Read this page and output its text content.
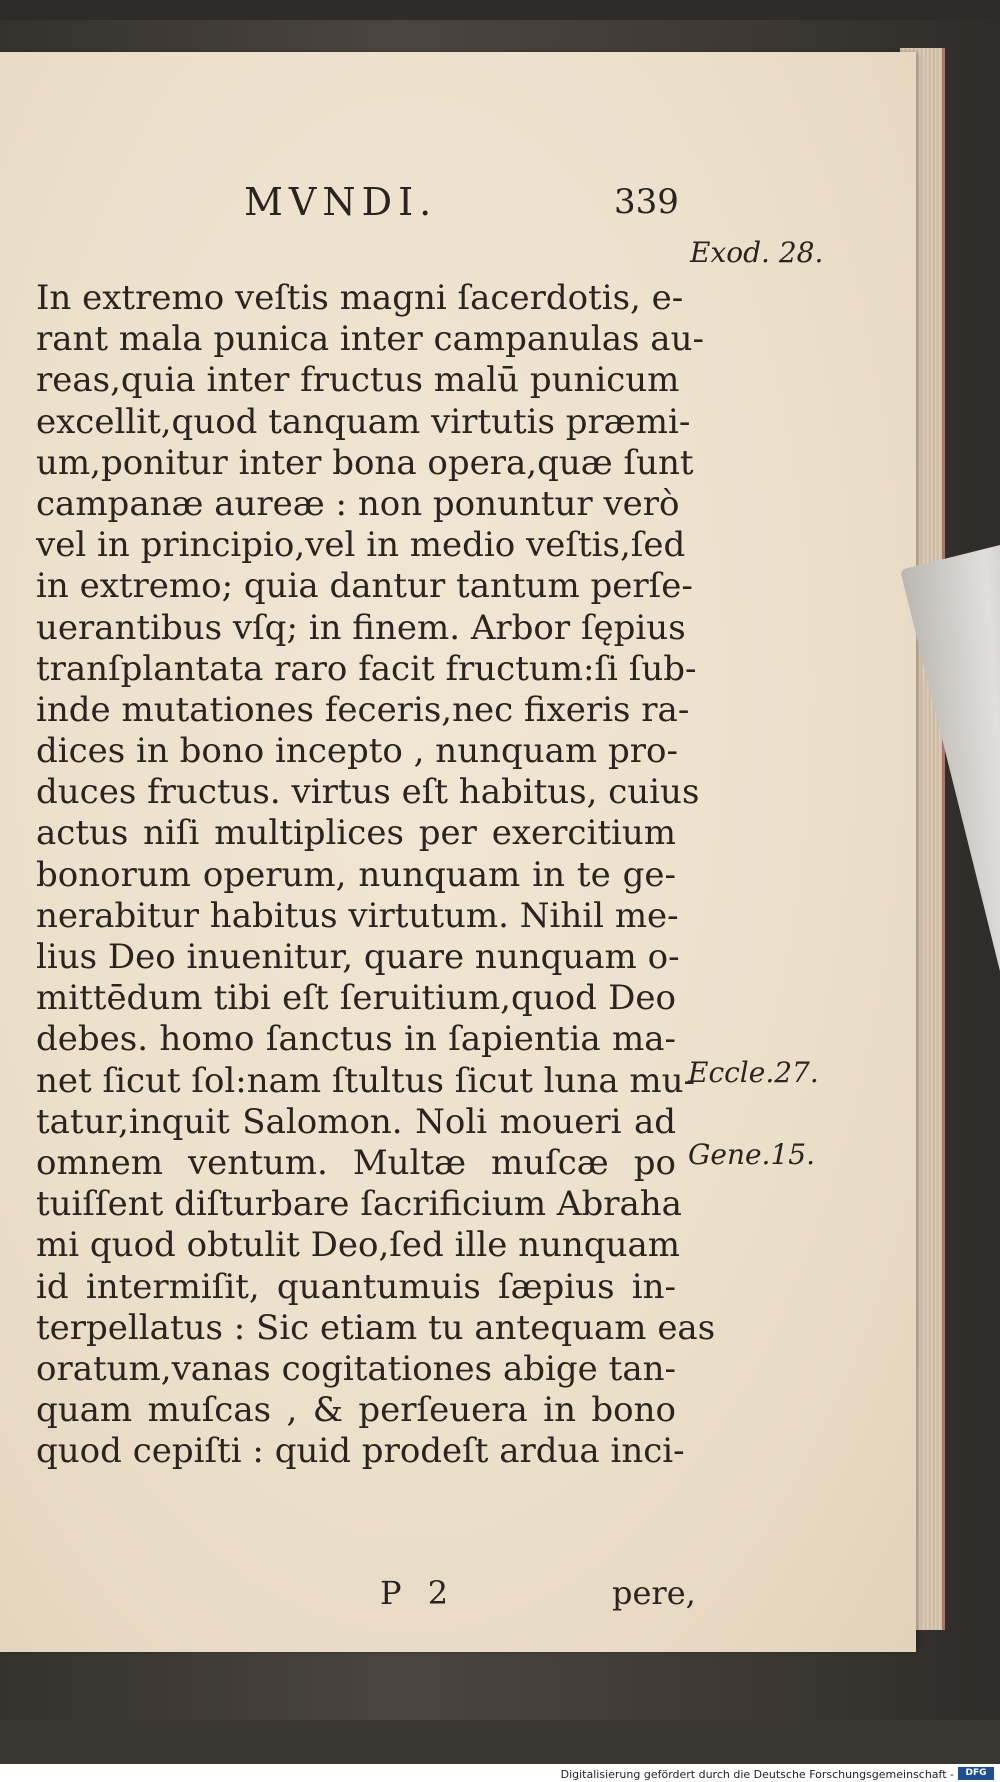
MVNDI.	339
In extremo veſtis magni ſacerdotis, e-
rant mala punica inter campanulas au-
reas,quia inter fructus malū punicum
excellit,quod tanquam virtutis præmi-
um,ponitur inter bona opera,quæ ſunt
campanæ aureæ : non ponuntur verò
vel in principio,vel in medio veſtis,ſed
in extremo; quia dantur tantum perſe-
uerantibus vſq; in finem. Arbor ſępius
tranſplantata raro facit fructum:ſi ſub-
inde mutationes feceris,nec fixeris ra-
dices in bono incepto , nunquam pro-
duces fructus. virtus eſt habitus, cuius
actus niſi multiplices per exercitium
bonorum operum, nunquam in te ge-
nerabitur habitus virtutum. Nihil me-
lius Deo inuenitur, quare nunquam o-
mittēdum tibi eſt ſeruitium,quod Deo
debes. homo ſanctus in ſapientia ma-
net ſicut ſol:nam ſtultus ſicut luna mu-
tatur,inquit Salomon. Noli moueri ad
omnem ventum. Multæ muſcæ po
tuiſſent diſturbare ſacrificium Abraha
mi quod obtulit Deo,ſed ille nunquam
id intermiſit, quantumuis ſæpius in-
terpellatus : Sic etiam tu antequam eas
oratum,vanas cogitationes abige tan-
quam muſcas , & perſeuera in bono
quod cepiſti : quid prodeſt ardua inci-
Exod. 28.
Eccle.27.
Gene.15.
P 2	pere,
Digitalisierung gefördert durch die Deutsche Forschungsgemeinschaft -	DFG
